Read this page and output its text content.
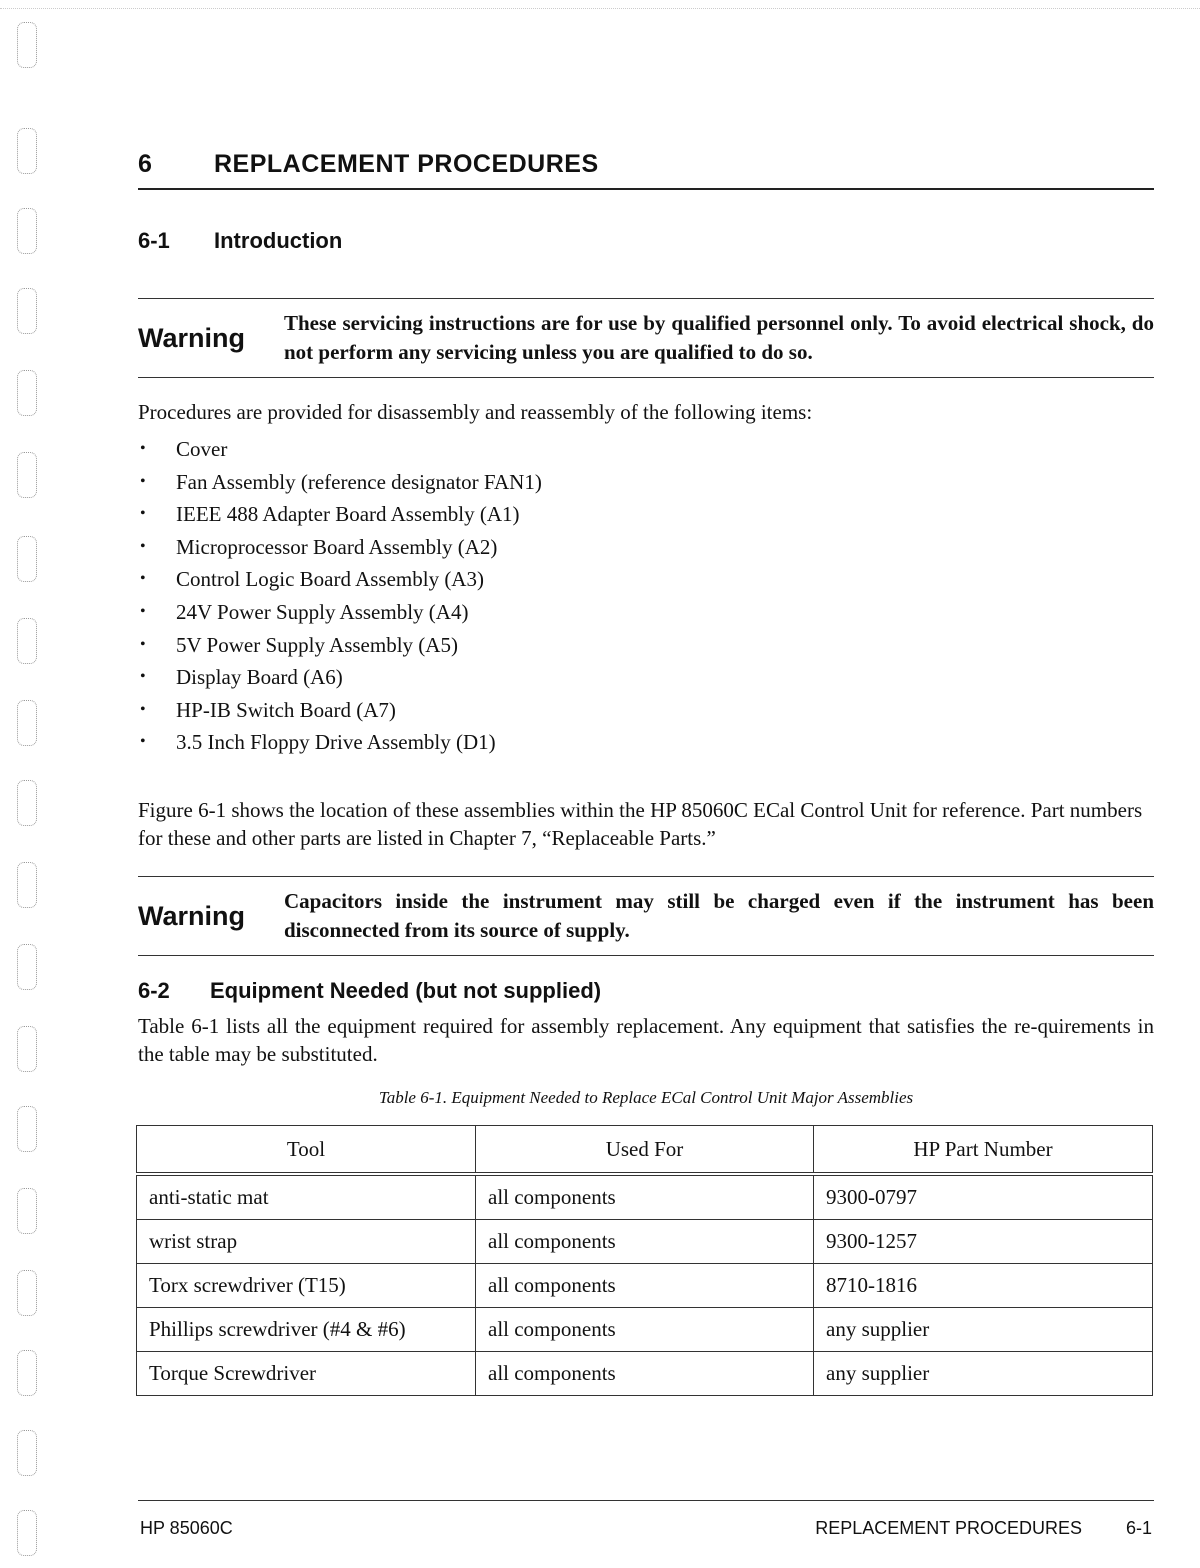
6	REPLACEMENT PROCEDURES
6-1	Introduction
Warning	These servicing instructions are for use by qualified personnel only. To avoid electrical shock, do not perform any servicing unless you are qualified to do so.
Procedures are provided for disassembly and reassembly of the following items:
•	Cover
•	Fan Assembly (reference designator FAN1)
•	IEEE 488 Adapter Board Assembly (A1)
•	Microprocessor Board Assembly (A2)
•	Control Logic Board Assembly (A3)
•	24V Power Supply Assembly (A4)
•	5V Power Supply Assembly (A5)
•	Display Board (A6)
•	HP-IB Switch Board (A7)
•	3.5 Inch Floppy Drive Assembly (D1)
Figure 6-1 shows the location of these assemblies within the HP 85060C ECal Control Unit for reference. Part numbers for these and other parts are listed in Chapter 7, “Replaceable Parts.”
Warning	Capacitors inside the instrument may still be charged even if the instrument has been disconnected from its source of supply.
6-2	Equipment Needed (but not supplied)
Table 6-1 lists all the equipment required for assembly replacement. Any equipment that satisfies the re-quirements in the table may be substituted.
Table 6-1. Equipment Needed to Replace ECal Control Unit Major Assemblies
Tool	Used For	HP Part Number
anti-static mat	all components	9300-0797
wrist strap	all components	9300-1257
Torx screwdriver (T15)	all components	8710-1816
Phillips screwdriver (#4 & #6)	all components	any supplier
Torque Screwdriver	all components	any supplier
HP 85060C	REPLACEMENT PROCEDURES 6-1
